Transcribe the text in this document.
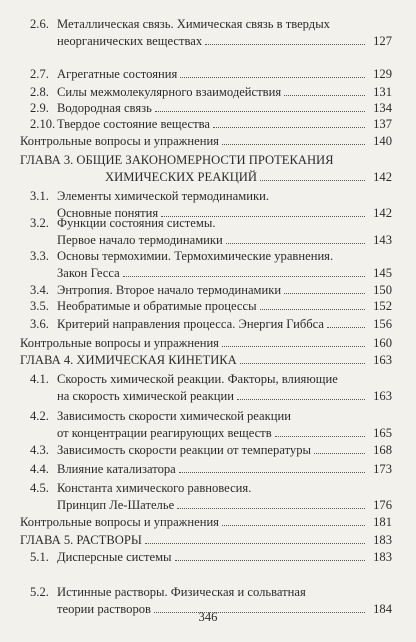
2.6. Металлическая связь. Химическая связь в твердых
неорганических веществах	127
2.7. Агрегатные состояния	129
2.8. Силы межмолекулярного взаимодействия	131
2.9. Водородная связь	134
2.10. Твердое состояние вещества	137
Контрольные вопросы и упражнения	140
ГЛАВА 3. ОБЩИЕ ЗАКОНОМЕРНОСТИ ПРОТЕКАНИЯ
ХИМИЧЕСКИХ РЕАКЦИЙ	142
3.1. Элементы химической термодинамики.
Основные понятия	142
3.2. Функции состояния системы.
Первое начало термодинамики	143
3.3. Основы термохимии. Термохимические уравнения.
Закон Гесса	145
3.4. Энтропия. Второе начало термодинамики	150
3.5. Необратимые и обратимые процессы	152
3.6. Критерий направления процесса. Энергия Гиббса	156
Контрольные вопросы и упражнения	160
ГЛАВА 4. ХИМИЧЕСКАЯ КИНЕТИКА	163
4.1. Скорость химической реакции. Факторы, влияющие
на скорость химической реакции	163
4.2. Зависимость скорости химической реакции
от концентрации реагирующих веществ	165
4.3. Зависимость скорости реакции от температуры	168
4.4. Влияние катализатора	173
4.5. Константа химического равновесия.
Принцип Ле-Шателье	176
Контрольные вопросы и упражнения	181
ГЛАВА 5. РАСТВОРЫ	183
5.1. Дисперсные системы	183
5.2. Истинные растворы. Физическая и сольватная
теории растворов	184
346
